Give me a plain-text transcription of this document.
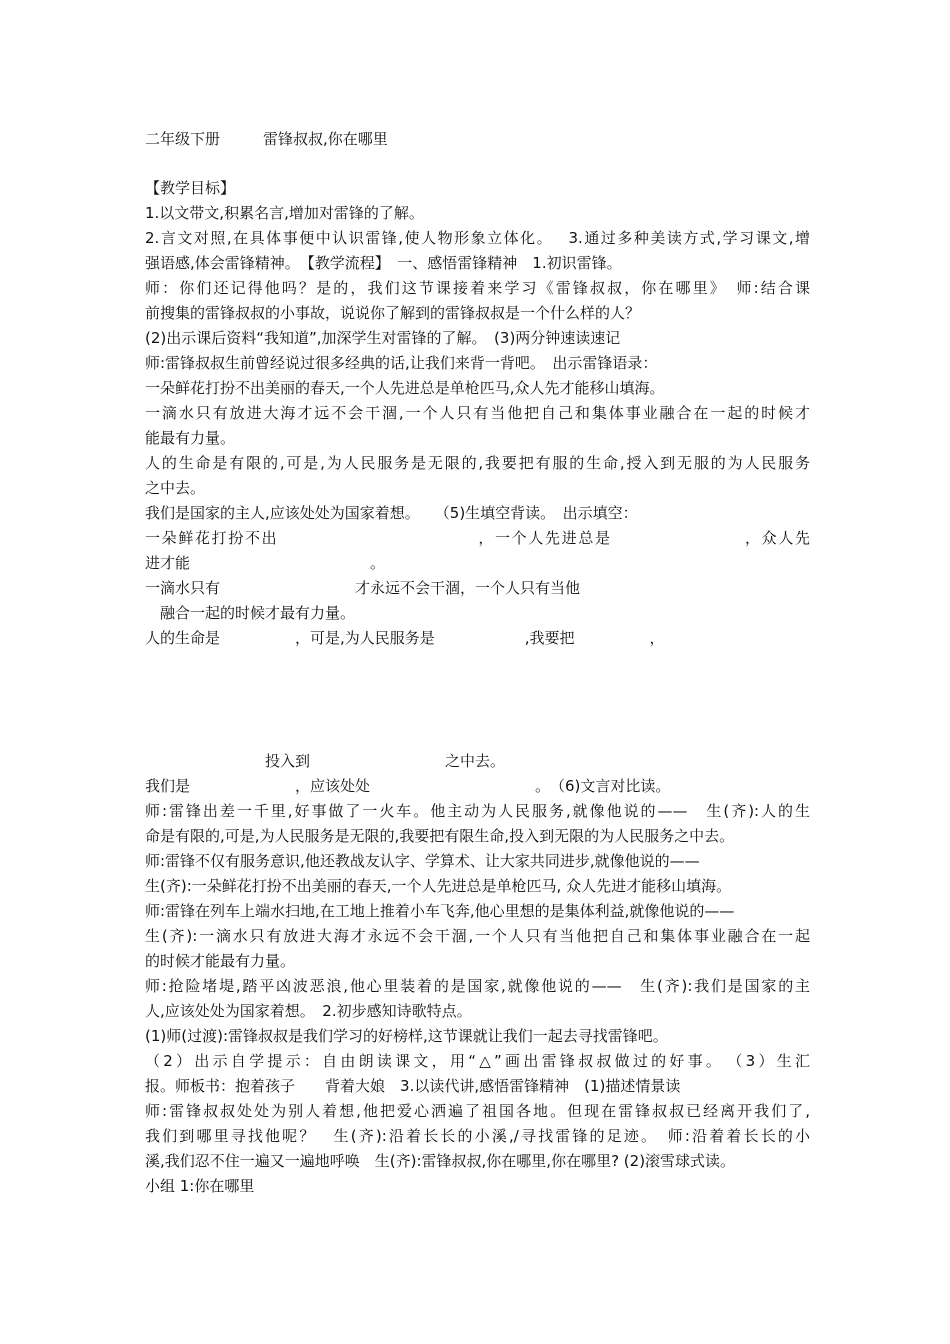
二年级下册	雷锋叔叔,你在哪里
【教学目标】
1.以文带文,积累名言,增加对雷锋的了解。
2.言文对照,在具体事便中认识雷锋,使人物形象立体化。　 3.通过多种美读方式,学习课文,增
强语感,体会雷锋精神。　【教学流程】　一、感悟雷锋精神　1.初识雷锋。
师：你们还记得他吗？是的，我们这节课接着来学习《雷锋叔叔，你在哪里》　师:结合课
前搜集的雷锋叔叔的小事故，说说你了解到的雷锋叔叔是一个什么样的人？
(2)出示课后资料“我知道”,加深学生对雷锋的了解。　(3)两分钟速读速记
师:雷锋叔叔生前曾经说过很多经典的话,让我们来背一背吧。　出示雷锋语录：
一朵鲜花打扮不出美丽的春天,一个人先进总是单枪匹马,众人先才能移山填海。
一滴水只有放进大海才远不会干涸,一个人只有当他把自己和集体事业融合在一起的时候才
能最有力量。
人的生命是有限的,可是,为人民服务是无限的,我要把有服的生命,授入到无服的为人民服务
之中去。
我们是国家的主人,应该处处为国家着想。　　（5)生填空背读。　出示填空：
一朵鲜花打扮不出　　　　　　　　　　　　，一个人先进总是　　　　　　　　，众人先
进才能　　　　　　　　　　　　。
一滴水只有　　　　　　　　　才永远不会干涸，一个人只有当他
　融合一起的时候才最有力量。
人的生命是　　　　　，可是,为人民服务是　　　　　　,我要把　　　　　，
　　　　　　　　投入到　　　　　　　　　之中去。
我们是　　　　　　　，应该处处　　　　　　　　　　　。　（6)文言对比读。
师:雷锋出差一千里,好事做了一火车。他主动为人民服务,就像他说的——　生(齐):人的生
命是有限的,可是,为人民服务是无限的,我要把有限生命,投入到无限的为人民服务之中去。
师:雷锋不仅有服务意识,他还教战友认字、学算术、让大家共同进步,就像他说的——
生(齐):一朵鲜花打扮不出美丽的春天,一个人先进总是单枪匹马, 众人先进才能移山填海。
师:雷锋在列车上端水扫地,在工地上推着小车飞奔,他心里想的是集体利益,就像他说的——
生(齐):一滴水只有放进大海才永远不会干涸,一个人只有当他把自己和集体事业融合在一起
的时候才能最有力量。
师:抢险堵堤,踏平凶波恶浪,他心里装着的是国家,就像他说的——　生(齐):我们是国家的主
人,应该处处为国家着想。　2.初步感知诗歌特点。
(1)师(过渡):雷锋叔叔是我们学习的好榜样,这节课就让我们一起去寻找雷锋吧。
（2）出示自学提示：自由朗读课文，用“△”画出雷锋叔叔做过的好事。　（3）生汇
报。师板书：抱着孩子　　背着大娘　3.以读代讲,感悟雷锋精神　(1)描述情景读
师:雷锋叔叔处处为别人着想,他把爱心洒遍了祖国各地。但现在雷锋叔叔已经离开我们了,
我们到哪里寻找他呢？　生(齐):沿着长长的小溪,/寻找雷锋的足迹。　师:沿着着长长的小
溪,我们忍不住一遍又一遍地呼唤　生(齐):雷锋叔叔,你在哪里,你在哪里? (2)滚雪球式读。
小组 1:你在哪里
